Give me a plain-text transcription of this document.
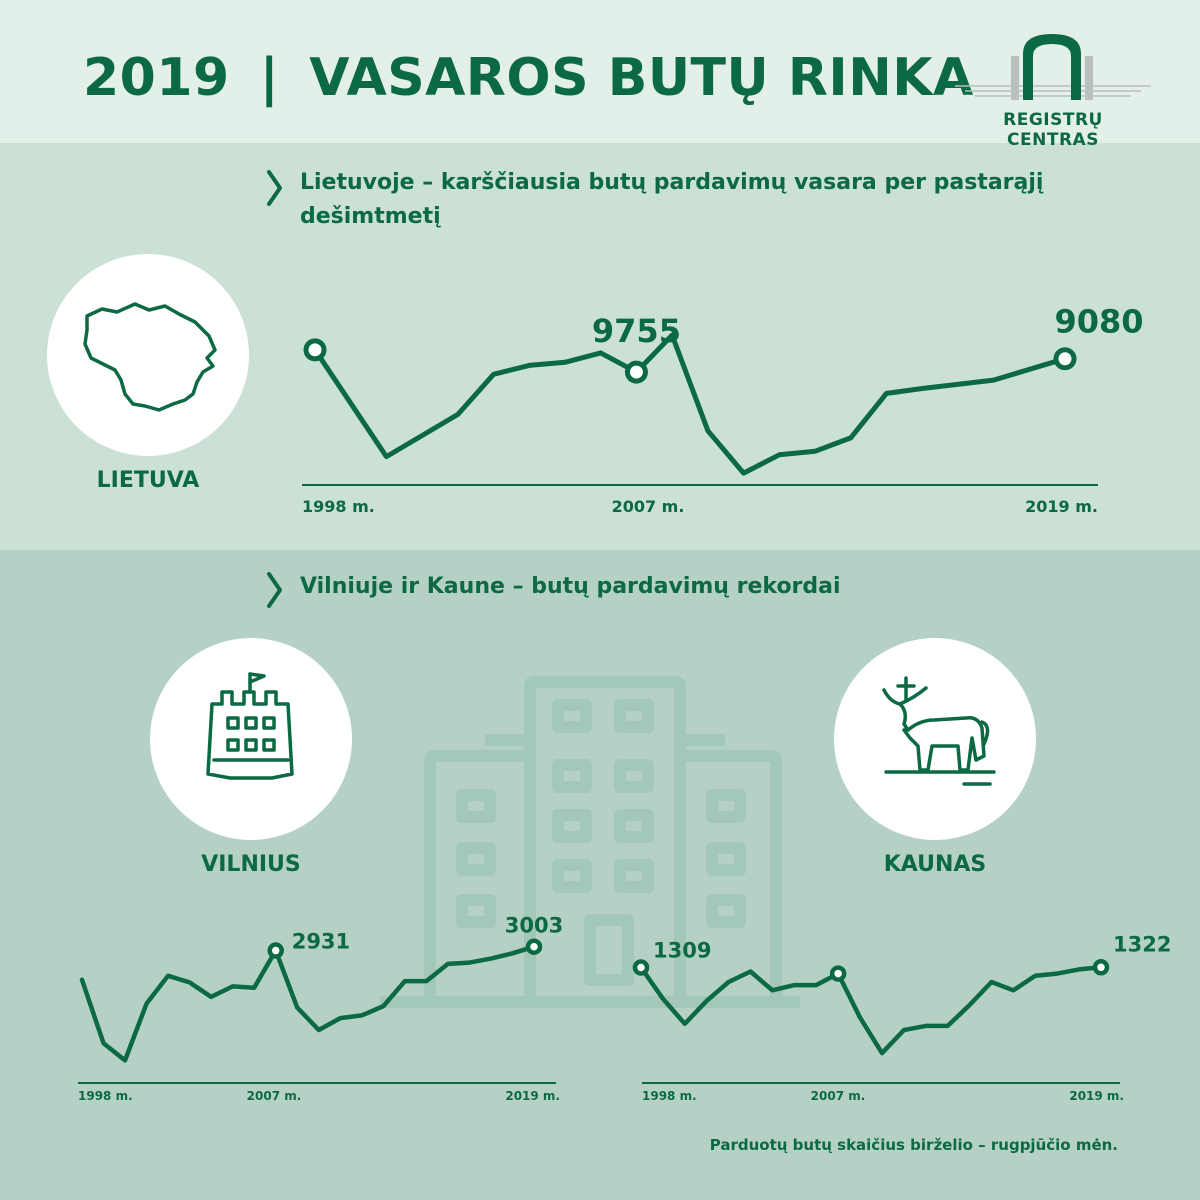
2019 | VASAROS BUTŲ RINKA
REGISTRŲ CENTRAS
Lietuvoje – karščiausia butų pardavimų vasara per pastarąjį
dešimtmetį
LIETUVA
Vilniuje ir Kaune – butų pardavimų rekordai
VILNIUS	KAUNAS
9755	9080
1998 m.	2007 m.	2019 m.
2931
3003
1998 m.	2007 m.	2019 m.
1309	1322
1998 m.	2007 m.	2019 m.
Parduotų butų skaičius birželio – rugpjūčio mėn.
